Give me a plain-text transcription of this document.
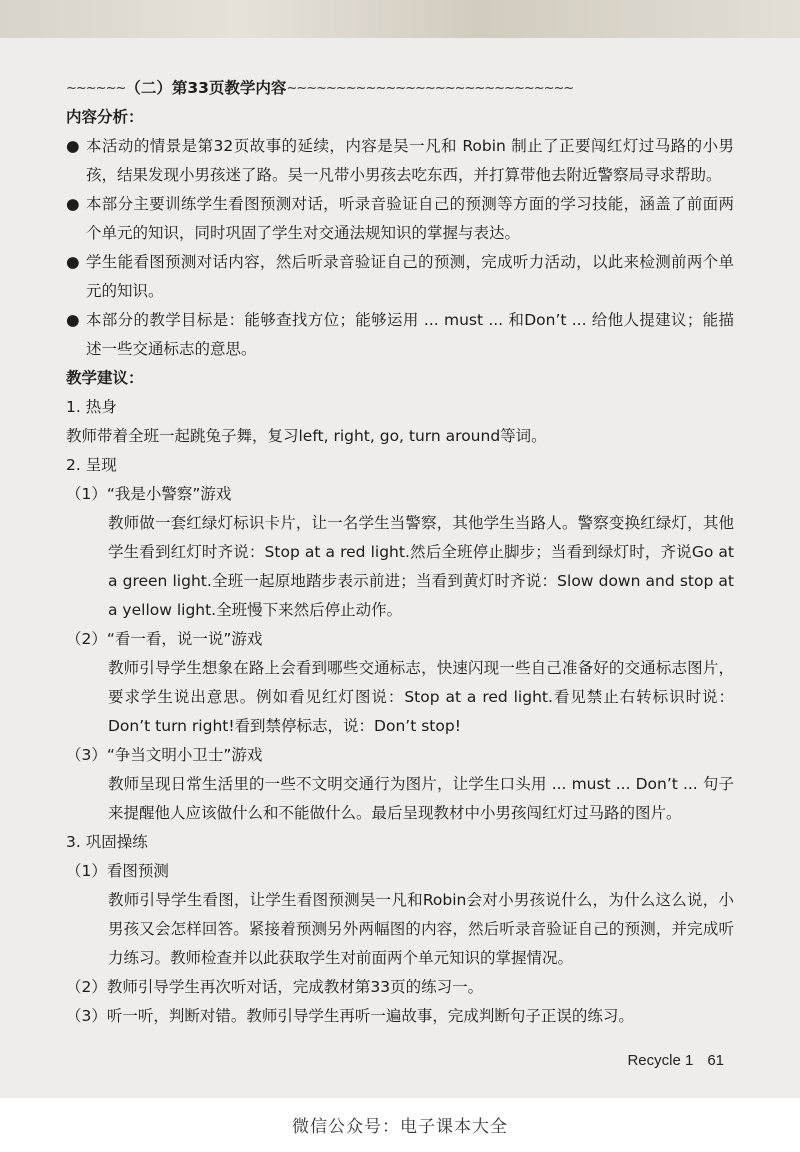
~~~~~~ （二）第33页教学内容 ~~~~~~~~~~~~~~~~~~~~~~~~~~~~~

内容分析：

● 本活动的情景是第32页故事的延续，内容是吴一凡和 Robin 制止了正要闯红灯过马路的小男孩，结果发现小男孩迷了路。吴一凡带小男孩去吃东西，并打算带他去附近警察局寻求帮助。

● 本部分主要训练学生看图预测对话，听录音验证自己的预测等方面的学习技能，涵盖了前面两个单元的知识，同时巩固了学生对交通法规知识的掌握与表达。

● 学生能看图预测对话内容，然后听录音验证自己的预测，完成听力活动，以此来检测前两个单元的知识。

● 本部分的教学目标是：能够查找方位；能够运用 ... must ... 和Don’t ... 给他人提建议；能描述一些交通标志的意思。

教学建议：

1. 热身

教师带着全班一起跳兔子舞，复习left, right, go, turn around等词。

2. 呈现

（1）“我是小警察”游戏

教师做一套红绿灯标识卡片，让一名学生当警察，其他学生当路人。警察变换红绿灯，其他学生看到红灯时齐说：Stop at a red light.然后全班停止脚步；当看到绿灯时，齐说Go at a green light.全班一起原地踏步表示前进；当看到黄灯时齐说：Slow down and stop at a yellow light.全班慢下来然后停止动作。

（2）“看一看，说一说”游戏

教师引导学生想象在路上会看到哪些交通标志，快速闪现一些自己准备好的交通标志图片，要求学生说出意思。例如看见红灯图说：Stop at a red light.看见禁止右转标识时说：Don’t turn right!看到禁停标志，说：Don’t stop!

（3）“争当文明小卫士”游戏

教师呈现日常生活里的一些不文明交通行为图片，让学生口头用 ... must ... Don’t ... 句子来提醒他人应该做什么和不能做什么。最后呈现教材中小男孩闯红灯过马路的图片。

3. 巩固操练

（1）看图预测

教师引导学生看图，让学生看图预测吴一凡和Robin会对小男孩说什么，为什么这么说，小男孩又会怎样回答。紧接着预测另外两幅图的内容，然后听录音验证自己的预测，并完成听力练习。教师检查并以此获取学生对前面两个单元知识的掌握情况。

（2）教师引导学生再次听对话，完成教材第33页的练习一。

（3）听一听，判断对错。教师引导学生再听一遍故事，完成判断句子正误的练习。

Recycle 1 61
微信公众号：电子课本大全
